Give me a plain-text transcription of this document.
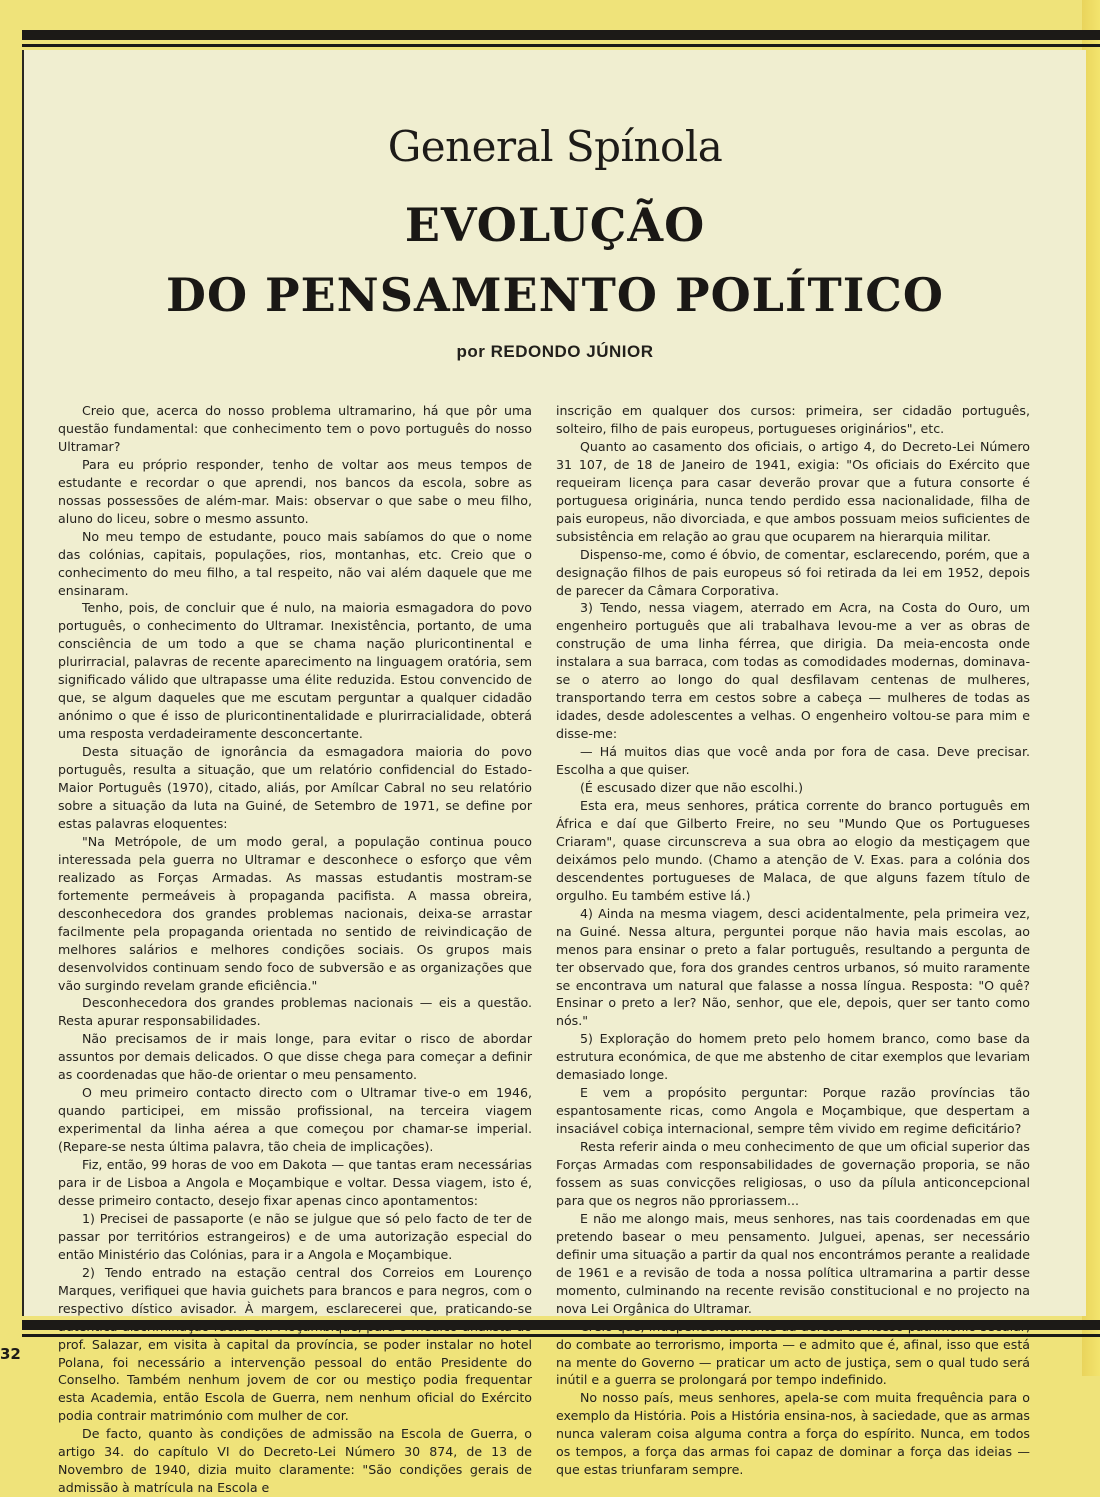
General Spínola
EVOLUÇÃO
DO PENSAMENTO POLÍTICO
por REDONDO JÚNIOR

Creio que, acerca do nosso problema ultramarino, há que pôr uma questão fundamental: que conhecimento tem o povo português do nosso Ultramar?

Para eu próprio responder, tenho de voltar aos meus tempos de estudante e recordar o que aprendi, nos bancos da escola, sobre as nossas possessões de além-mar. Mais: observar o que sabe o meu filho, aluno do liceu, sobre o mesmo assunto.

No meu tempo de estudante, pouco mais sabíamos do que o nome das colónias, capitais, populações, rios, montanhas, etc. Creio que o conhecimento do meu filho, a tal respeito, não vai além daquele que me ensinaram.

Tenho, pois, de concluir que é nulo, na maioria esmagadora do povo português, o conhecimento do Ultramar. Inexistência, portanto, de uma consciência de um todo a que se chama nação pluricontinental e plurirracial, palavras de recente aparecimento na linguagem oratória, sem significado válido que ultrapasse uma élite reduzida. Estou convencido de que, se algum daqueles que me escutam perguntar a qualquer cidadão anónimo o que é isso de pluricontinentalidade e plurirracialidade, obterá uma resposta verdadeiramente desconcertante.

Desta situação de ignorância da esmagadora maioria do povo português, resulta a situação, que um relatório confidencial do Estado-Maior Português (1970), citado, aliás, por Amílcar Cabral no seu relatório sobre a situação da luta na Guiné, de Setembro de 1971, se define por estas palavras eloquentes:

"Na Metrópole, de um modo geral, a população continua pouco interessada pela guerra no Ultramar e desconhece o esforço que vêm realizado as Forças Armadas. As massas estudantis mostram-se fortemente permeáveis à propaganda pacifista. A massa obreira, desconhecedora dos grandes problemas nacionais, deixa-se arrastar facilmente pela propaganda orientada no sentido de reivindicação de melhores salários e melhores condições sociais. Os grupos mais desenvolvidos continuam sendo foco de subversão e as organizações que vão surgindo revelam grande eficiência."

Desconhecedora dos grandes problemas nacionais — eis a questão. Resta apurar responsabilidades.

Não precisamos de ir mais longe, para evitar o risco de abordar assuntos por demais delicados. O que disse chega para começar a definir as coordenadas que hão-de orientar o meu pensamento.

O meu primeiro contacto directo com o Ultramar tive-o em 1946, quando participei, em missão profissional, na terceira viagem experimental da linha aérea a que começou por chamar-se imperial. (Repare-se nesta última palavra, tão cheia de implicações).

Fiz, então, 99 horas de voo em Dakota — que tantas eram necessárias para ir de Lisboa a Angola e Moçambique e voltar. Dessa viagem, isto é, desse primeiro contacto, desejo fixar apenas cinco apontamentos:

1) Precisei de passaporte (e não se julgue que só pelo facto de ter de passar por territórios estrangeiros) e de uma autorização especial do então Ministério das Colónias, para ir a Angola e Moçambique.

2) Tendo entrado na estação central dos Correios em Lourenço Marques, verifiquei que havia guichets para brancos e para negros, com o respectivo dístico avisador. À margem, esclarecerei que, praticando-se prof. Salazar, em visita à capital da província, se poder instalar no hotel Polana, foi necessário a intervenção pessoal do então Presidente do Conselho. Também nenhum jovem de cor ou mestiço podia frequentar esta Academia, então Escola de Guerra, nem nenhum oficial do Exército podia contrair matrimónio com mulher de cor.

De facto, quanto às condições de admissão na Escola de Guerra, o artigo 34. do capítulo VI do Decreto-Lei Número 30 874, de 13 de Novembro de 1940, dizia muito claramente: "São condições gerais de admissão à matrícula na Escola e

inscrição em qualquer dos cursos: primeira, ser cidadão português, solteiro, filho de pais europeus, portugueses originários", etc.

Quanto ao casamento dos oficiais, o artigo 4, do Decreto-Lei Número 31 107, de 18 de Janeiro de 1941, exigia: "Os oficiais do Exército que requeiram licença para casar deverão provar que a futura consorte é portuguesa originária, nunca tendo perdido essa nacionalidade, filha de pais europeus, não divorciada, e que ambos possuam meios suficientes de subsistência em relação ao grau que ocuparem na hierarquia militar.

Dispenso-me, como é óbvio, de comentar, esclarecendo, porém, que a designação filhos de pais europeus só foi retirada da lei em 1952, depois de parecer da Câmara Corporativa.

3) Tendo, nessa viagem, aterrado em Acra, na Costa do Ouro, um engenheiro português que ali trabalhava levou-me a ver as obras de construção de uma linha férrea, que dirigia. Da meia-encosta onde instalara a sua barraca, com todas as comodidades modernas, dominava-se o aterro ao longo do qual desfilavam centenas de mulheres, transportando terra em cestos sobre a cabeça — mulheres de todas as idades, desde adolescentes a velhas. O engenheiro voltou-se para mim e disse-me:

— Há muitos dias que você anda por fora de casa. Deve precisar. Escolha a que quiser.

(É escusado dizer que não escolhi.)

Esta era, meus senhores, prática corrente do branco português em África e daí que Gilberto Freire, no seu "Mundo Que os Portugueses Criaram", quase circunscreva a sua obra ao elogio da mestiçagem que deixámos pelo mundo. (Chamo a atenção de V. Exas. para a colónia dos descendentes portugueses de Malaca, de que alguns fazem título de orgulho. Eu também estive lá.)

4) Ainda na mesma viagem, desci acidentalmente, pela primeira vez, na Guiné. Nessa altura, perguntei porque não havia mais escolas, ao menos para ensinar o preto a falar português, resultando a pergunta de ter observado que, fora dos grandes centros urbanos, só muito raramente se encontrava um natural que falasse a nossa língua. Resposta: "O quê? Ensinar o preto a ler? Não, senhor, que ele, depois, quer ser tanto como nós."

5) Exploração do homem preto pelo homem branco, como base da estrutura económica, de que me abstenho de citar exemplos que levariam demasiado longe.

E vem a propósito perguntar: Porque razão províncias tão espantosamente ricas, como Angola e Moçambique, que despertam a insaciável cobiça internacional, sempre têm vivido em regime deficitário?

Resta referir ainda o meu conhecimento de que um oficial superior das Forças Armadas com responsabilidades de governação proporia, se não fossem as suas convicções religiosas, o uso da pílula anticoncepcional para que os negros não pproriassem...

E não me alongo mais, meus senhores, nas tais coordenadas em que pretendo basear o meu pensamento. Julguei, apenas, ser necessário definir uma situação a partir da qual nos encontrámos perante a realidade de 1961 e a revisão de toda a nossa política ultramarina a partir desse momento, culminando na recente revisão constitucional e no projecto na nova Lei Orgânica do Ultramar.

do combate ao terrorismo, importa — e admito que é, afinal, isso que está na mente do Governo — praticar um acto de justiça, sem o qual tudo será inútil e a guerra se prolongará por tempo indefinido.

No nosso país, meus senhores, apela-se com muita frequência para o exemplo da História. Pois a História ensina-nos, à saciedade, que as armas nunca valeram coisa alguma contra a força do espírito. Nunca, em todos os tempos, a força das armas foi capaz de dominar a força das ideias — que estas triunfaram sempre.

32
